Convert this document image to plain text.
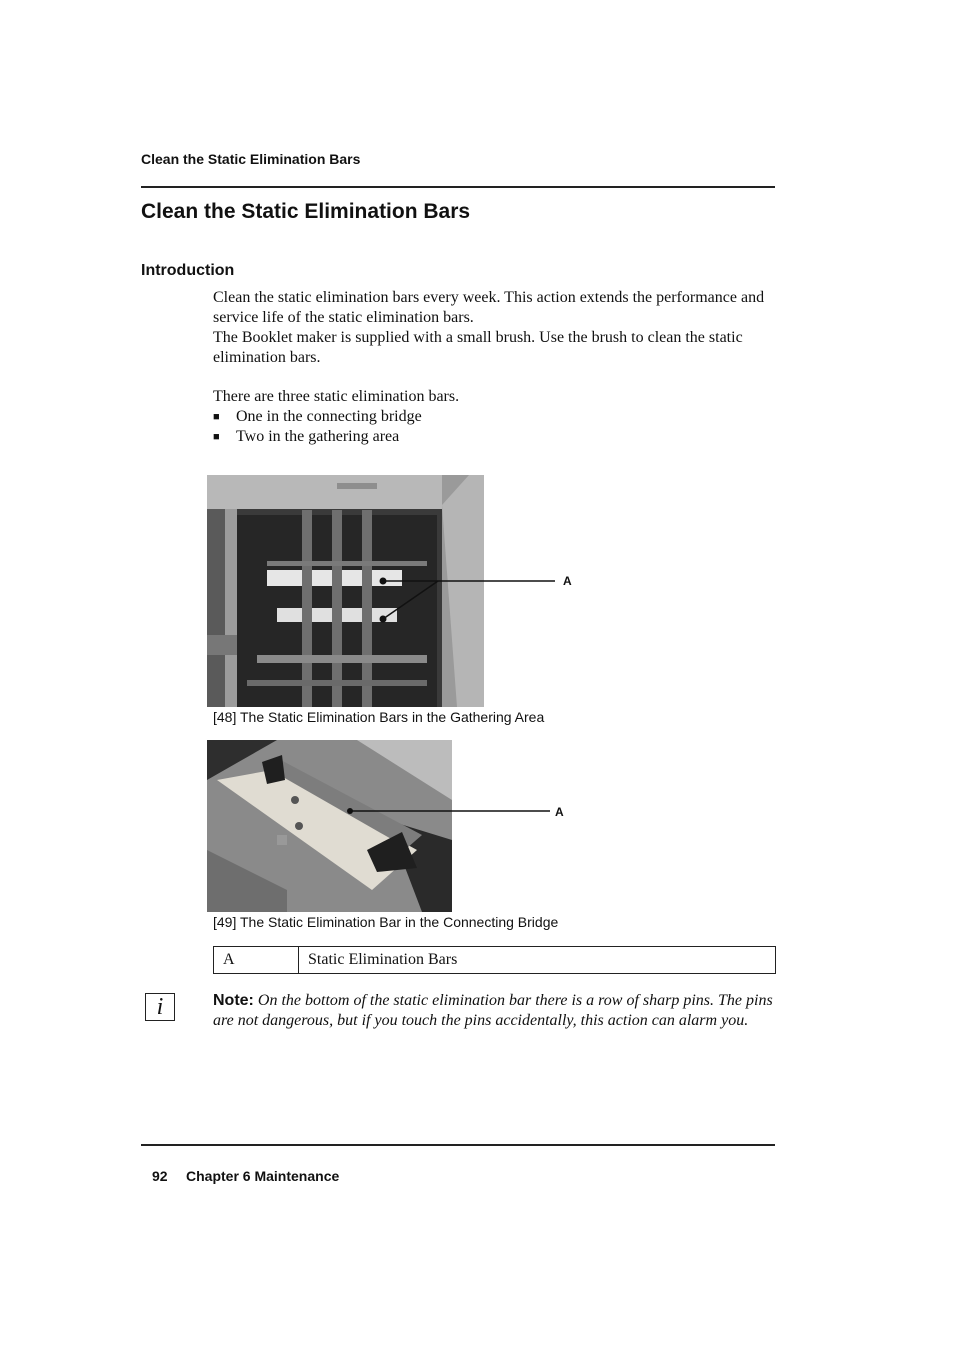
Clean the Static Elimination Bars
Clean the Static Elimination Bars
Introduction
Clean the static elimination bars every week. This action extends the performance and service life of the static elimination bars.
The Booklet maker is supplied with a small brush. Use the brush to clean the static elimination bars.
There are three static elimination bars.
■ One in the connecting bridge
■ Two in the gathering area
A
[48] The Static Elimination Bars in the Gathering Area
A
[49] The Static Elimination Bar in the Connecting Bridge
A	Static Elimination Bars
i	Note: On the bottom of the static elimination bar there is a row of sharp pins. The pins are not dangerous, but if you touch the pins accidentally, this action can alarm you.
92 Chapter 6 Maintenance
